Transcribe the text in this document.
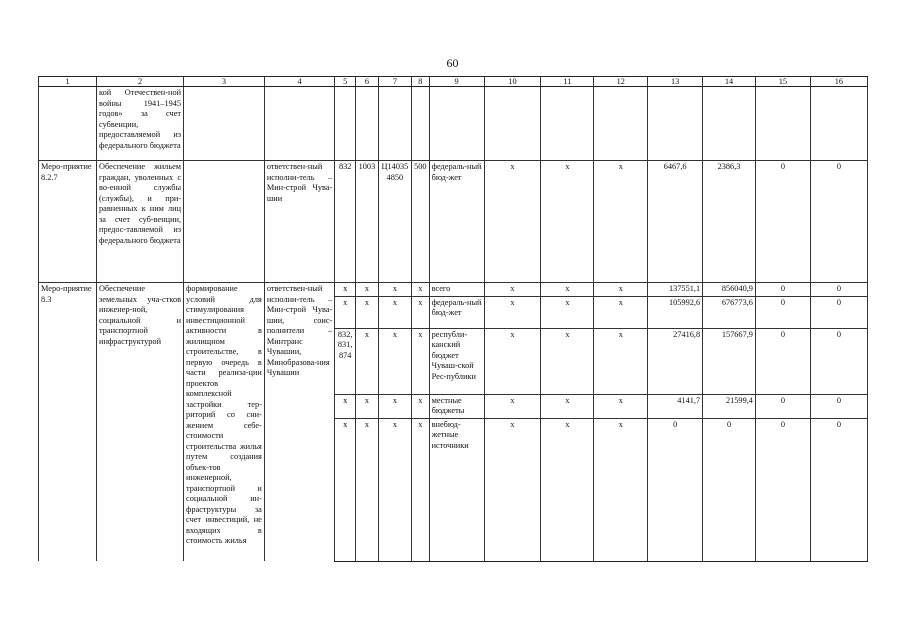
60
1	2	3	4	5	6	7	8	9	10	11	12	13	14	15	16
	кой Отечествен-ной войны 1941–1945 годов» за счет субвенции, предоставляемой из федерального бюджета														
Меро-приятие 8.2.7	Обеспечение жильем граждан, уволенных с во-енной службы (службы), и при-равненных к ним лиц за счет суб-венции, предос-тавляемой из федерального бюджета		ответствен-ный исполни-тель – Мин-строй Чува-шии	832	1003	Ц14035 4850	500	федераль-ный бюд-жет	x	x	x	6467,6	2386,3	0	0
Меро-приятие 8.3	Обеспечение земельных уча-стков инженер-ной, социальной и транспортной инфраструктурой	формирование условий для стимулирования инвестиционной активности в жилищном строительстве, в первую очередь в части реализа-ции проектов комплексной застройки тер-риторий со сни-жением себе-стоимости строительства жилья путем создания объек-тов инженерной, транспортной и социальной ин-фраструктуры за счет инвестиций, не входящих в стоимость жилья	ответствен-ный исполни-тель – Мин-строй Чува-шии, соис-полнители – Минтранс Чувашии, Минобразова-ния Чувашии	x	x	x	x	всего	x	x	x	137551,1	856040,9	0	0
				x	x	x	x	федераль-ный бюд-жет	x	x	x	105992,6	676773,6	0	0
				832, 831, 874	x	x	x	республи-канский бюджет Чуваш-ской Рес-публики	x	x	x	27416,8	157667,9	0	0
				x	x	x	x	местные бюджеты	x	x	x	4141,7	21599,4	0	0
				x	x	x	x	внебюд-жетные источники	x	x	x	0	0	0	0
